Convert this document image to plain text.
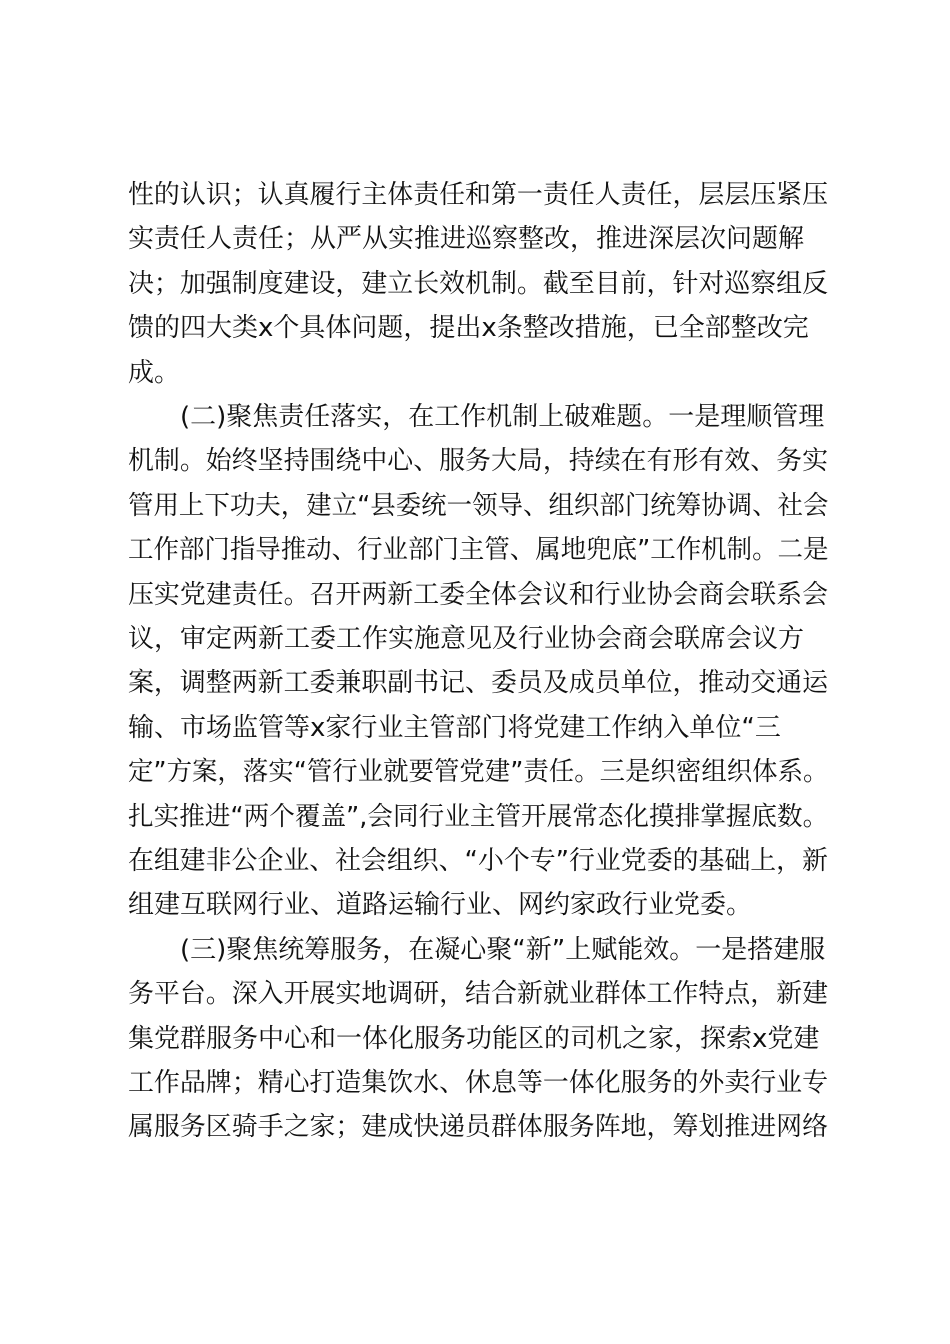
性的认识；认真履行主体责任和第一责任人责任，层层压紧压
实责任人责任；从严从实推进巡察整改，推进深层次问题解
决；加强制度建设，建立长效机制。截至目前，针对巡察组反
馈的四大类x个具体问题，提出x条整改措施，已全部整改完
成。
(二)聚焦责任落实，在工作机制上破难题。一是理顺管理
机制。始终坚持围绕中心、服务大局，持续在有形有效、务实
管用上下功夫，建立“县委统一领导、组织部门统筹协调、社会
工作部门指导推动、行业部门主管、属地兜底”工作机制。二是
压实党建责任。召开两新工委全体会议和行业协会商会联系会
议，审定两新工委工作实施意见及行业协会商会联席会议方
案，调整两新工委兼职副书记、委员及成员单位，推动交通运
输、市场监管等x家行业主管部门将党建工作纳入单位“三
定”方案，落实“管行业就要管党建”责任。三是织密组织体系。
扎实推进“两个覆盖”,会同行业主管开展常态化摸排掌握底数。
在组建非公企业、社会组织、“小个专”行业党委的基础上，新
组建互联网行业、道路运输行业、网约家政行业党委。
(三)聚焦统筹服务，在凝心聚“新”上赋能效。一是搭建服
务平台。深入开展实地调研，结合新就业群体工作特点，新建
集党群服务中心和一体化服务功能区的司机之家，探索x党建
工作品牌；精心打造集饮水、休息等一体化服务的外卖行业专
属服务区骑手之家；建成快递员群体服务阵地，筹划推进网络
